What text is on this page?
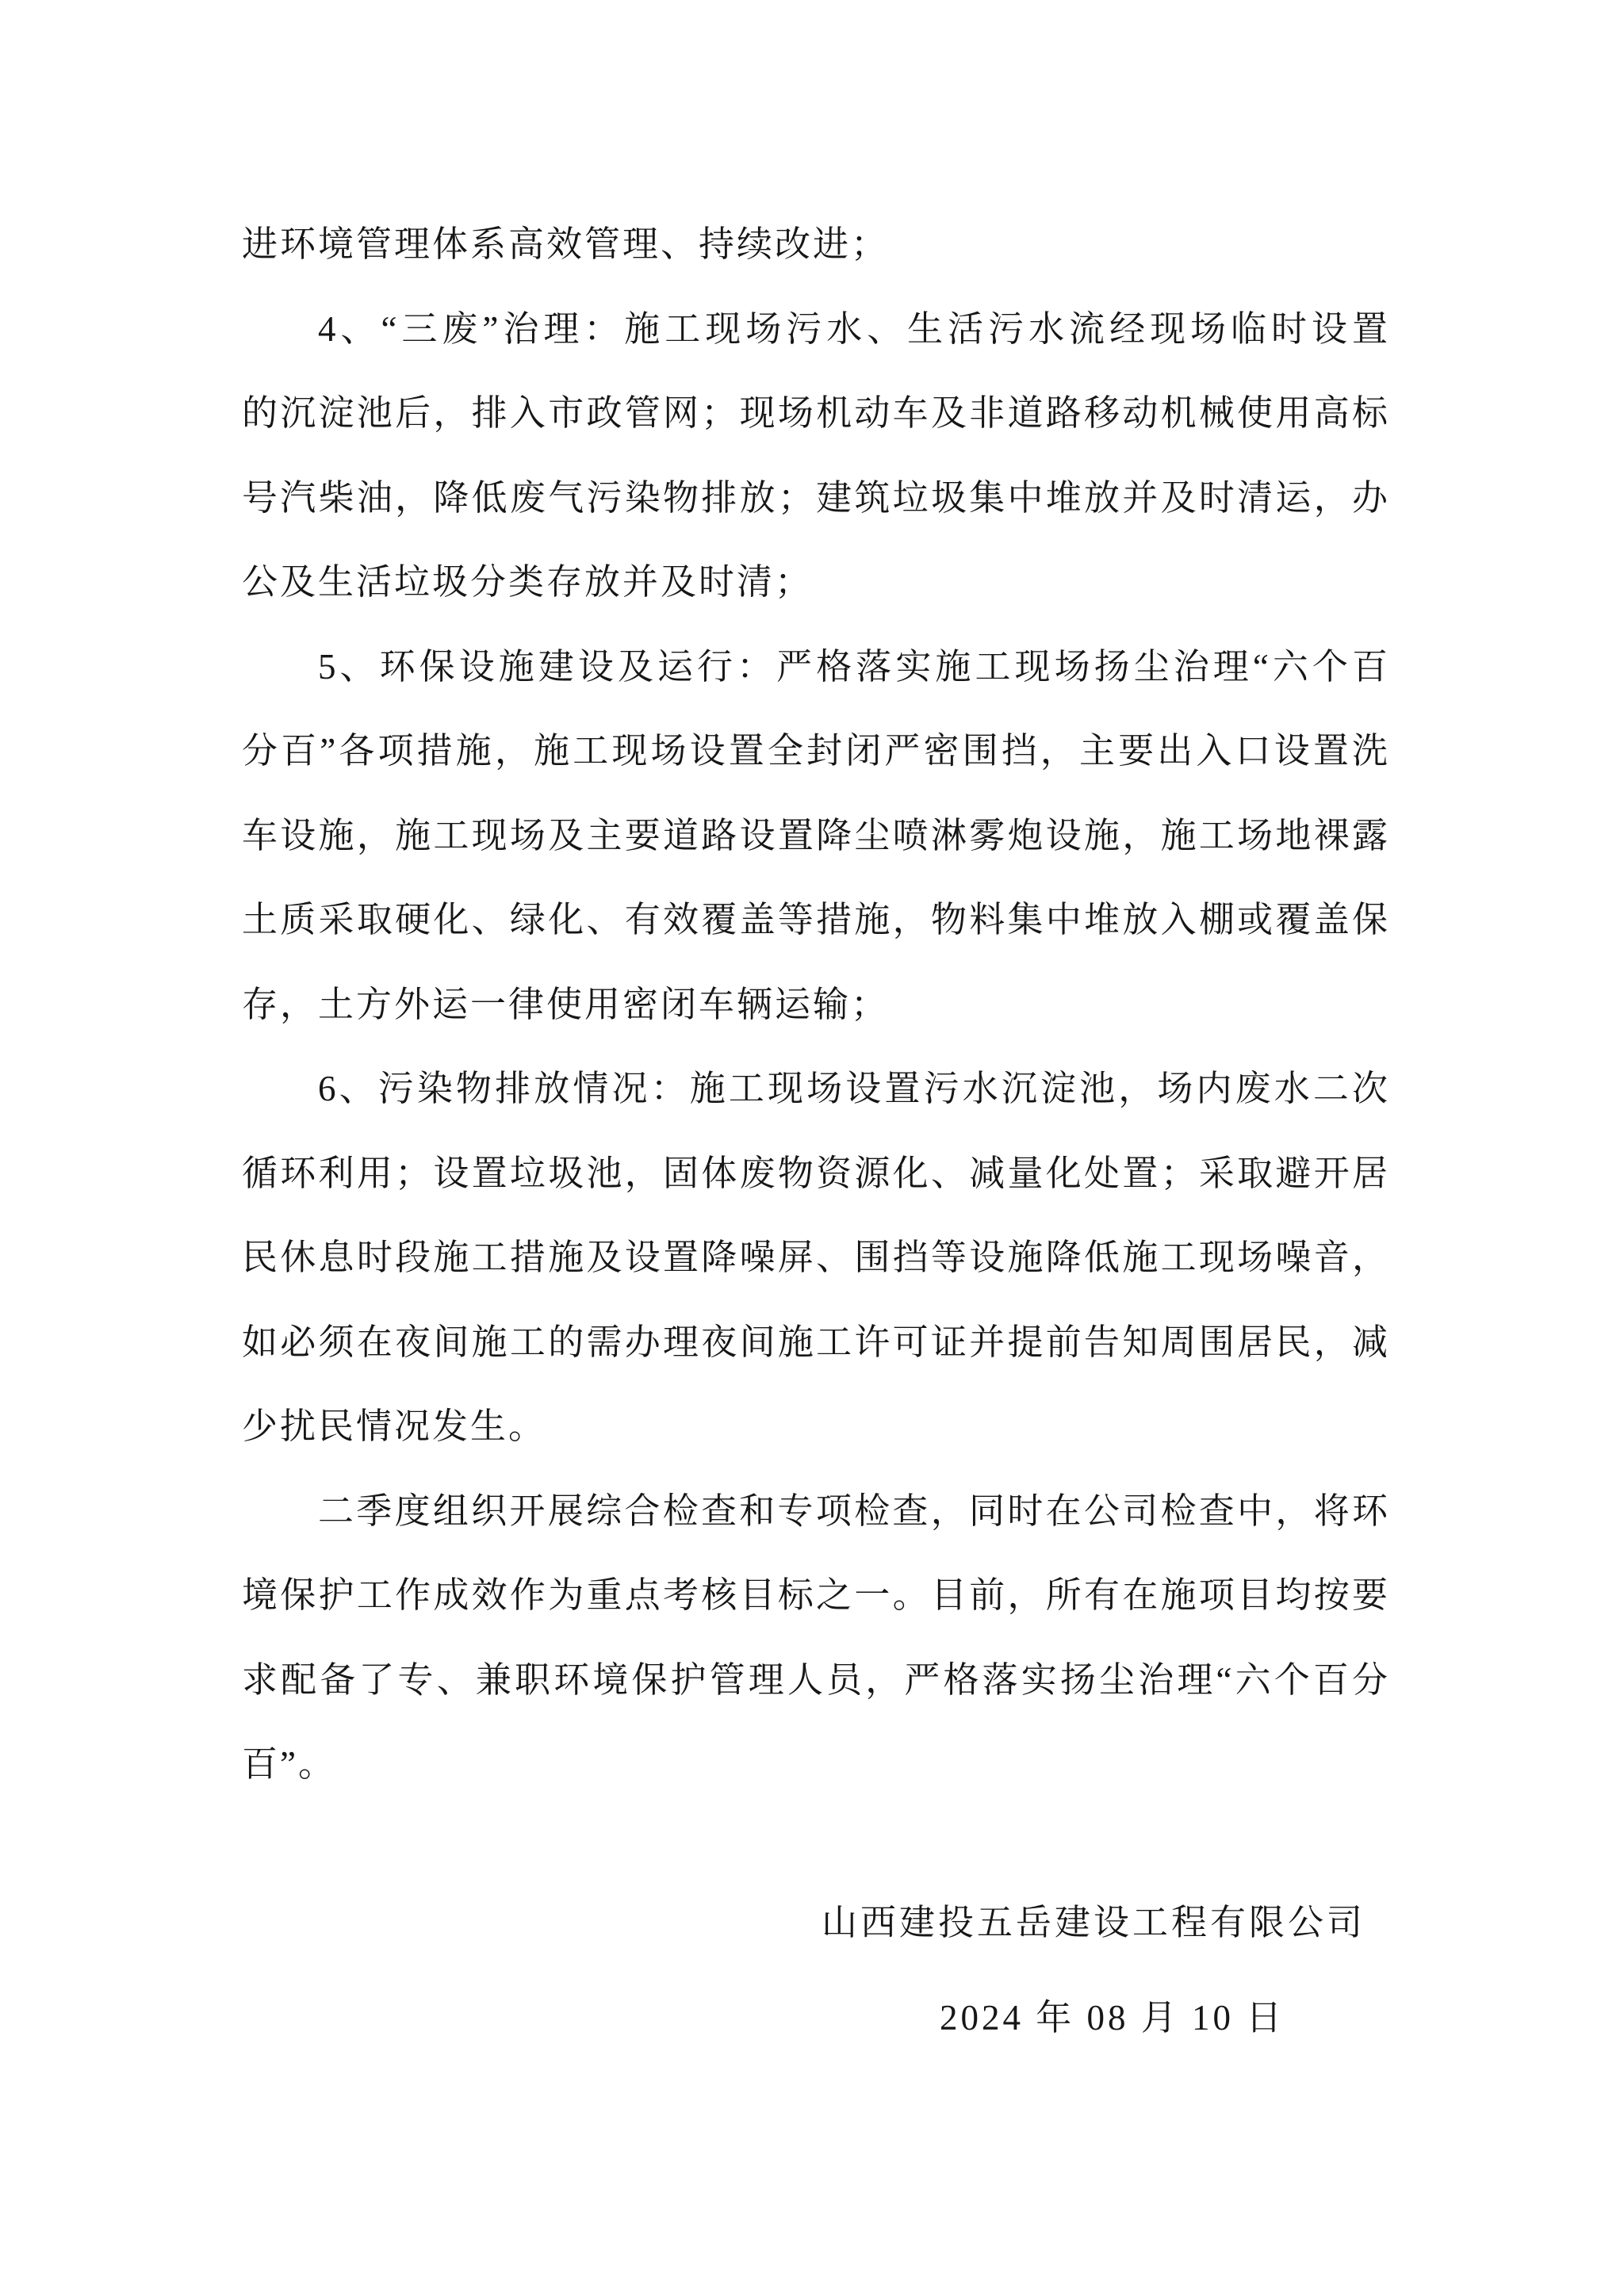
进环境管理体系高效管理、持续改进；
4、“三废”治理：施工现场污水、生活污水流经现场临时设置
的沉淀池后，排入市政管网；现场机动车及非道路移动机械使用高标
号汽柴油，降低废气污染物排放；建筑垃圾集中堆放并及时清运，办
公及生活垃圾分类存放并及时清；
5、环保设施建设及运行：严格落实施工现场扬尘治理“六个百
分百”各项措施，施工现场设置全封闭严密围挡，主要出入口设置洗
车设施，施工现场及主要道路设置降尘喷淋雾炮设施，施工场地裸露
土质采取硬化、绿化、有效覆盖等措施，物料集中堆放入棚或覆盖保
存，土方外运一律使用密闭车辆运输；
6、污染物排放情况：施工现场设置污水沉淀池，场内废水二次
循环利用；设置垃圾池，固体废物资源化、减量化处置；采取避开居
民休息时段施工措施及设置降噪屏、围挡等设施降低施工现场噪音，
如必须在夜间施工的需办理夜间施工许可证并提前告知周围居民，减
少扰民情况发生。
二季度组织开展综合检查和专项检查，同时在公司检查中，将环
境保护工作成效作为重点考核目标之一。目前，所有在施项目均按要
求配备了专、兼职环境保护管理人员，严格落实扬尘治理“六个百分
百”。
山西建投五岳建设工程有限公司
2024 年 08 月 10 日
